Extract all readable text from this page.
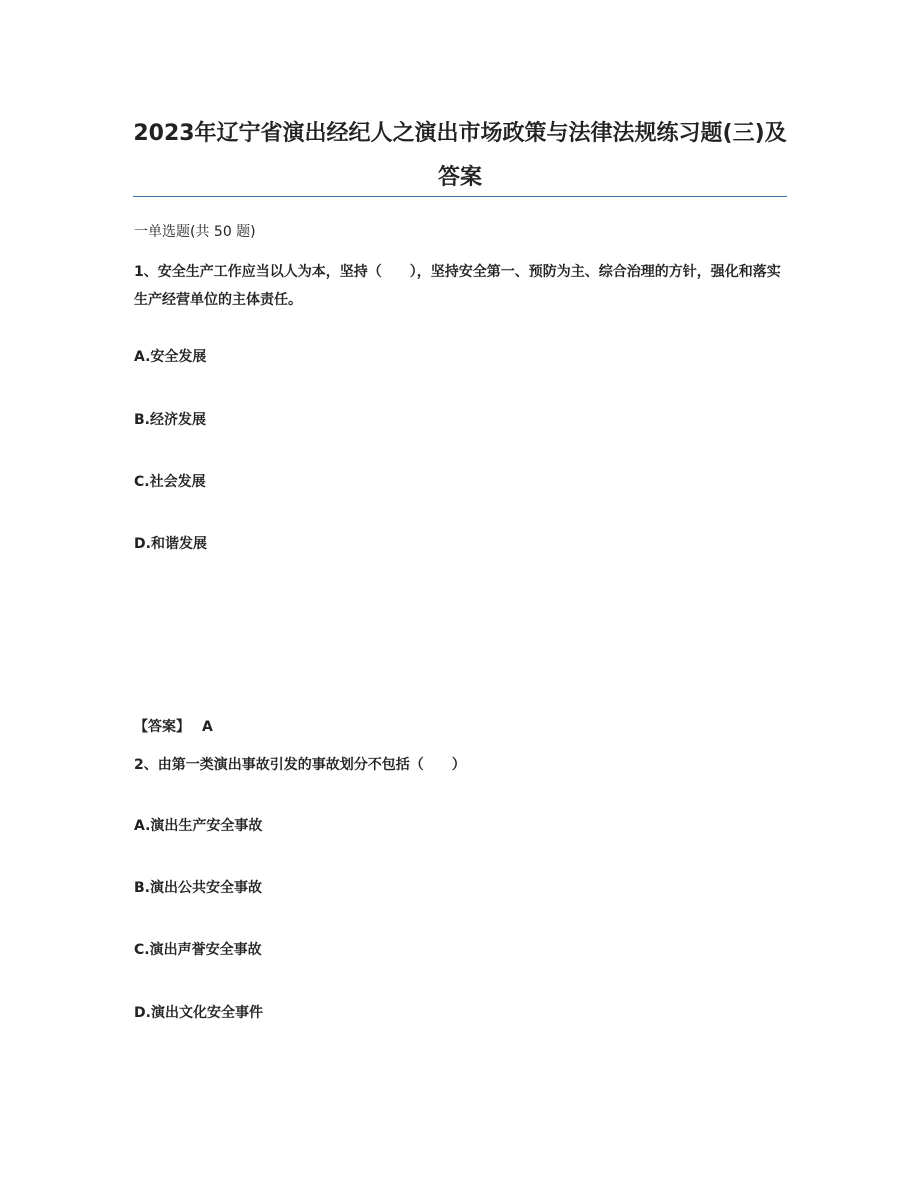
2023年辽宁省演出经纪人之演出市场政策与法律法规练习题(三)及答案

一单选题(共 50 题)

1、安全生产工作应当以人为本，坚持（　　），坚持安全第一、预防为主、综合治理的方针，强化和落实生产经营单位的主体责任。

A.安全发展

B.经济发展

C.社会发展

D.和谐发展

【答案】 A

2、由第一类演出事故引发的事故划分不包括（　　）

A.演出生产安全事故

B.演出公共安全事故

C.演出声誉安全事故

D.演出文化安全事件
